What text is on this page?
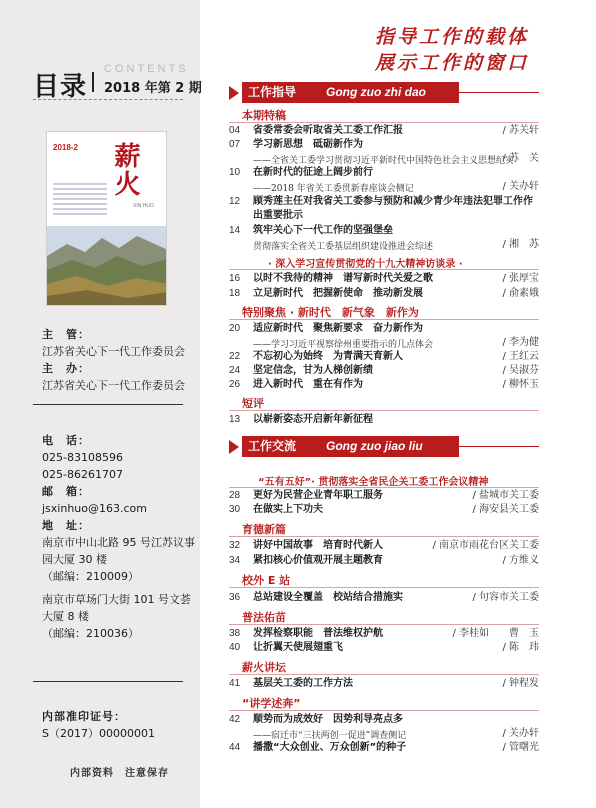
目录
CONTENTS
2018 年第 2 期
2018-2 薪火
XIN HUO
主　管：
江苏省关心下一代工作委员会
主　办：
江苏省关心下一代工作委员会
电　话：
025-83108596
025-86261707
邮　箱：
jsxinhuo@163.com
地　址：
南京市中山北路 95 号江苏议事
园大厦 30 楼
（邮编：210009）
南京市草场门大街 101 号文荟
大厦 8 楼
（邮编：210036）
内部准印证号：
S（2017）00000001
内部资料　注意保存
指导工作的载体
展示工作的窗口
工作指导	Gong zuo zhi dao
本期特稿
04	省委常委会听取省关工委工作汇报	/ 苏关轩
07	学习新思想　砥砺新作为
——全省关工委学习贯彻习近平新时代中国特色社会主义思想纪实
/ 苏　关
10	在新时代的征途上阔步前行
——2018 年省关工委贯新春座谈会侧记	/ 关办轩
12	顾秀莲主任对我省关工委参与预防和减少青少年违法犯罪工作作
出重要批示
14	筑牢关心下一代工作的坚强堡垒
贯彻落实全省关工委基层组织建设推进会综述	/ 湘　苏
· 深入学习宣传贯彻党的十九大精神访谈录 ·
16	以时不我待的精神　谱写新时代关爱之歌	/ 张厚宝
18	立足新时代　把握新使命　推动新发展	/ 俞素娥
特别聚焦 · 新时代　新气象　新作为
20	适应新时代　聚焦新要求　奋力新作为
——学习习近平视察徐州重要指示的几点体会	/ 李为健
22	不忘初心为始终　为青满天育新人	/ 王红云
24	坚定信念，甘为人梯创新绩	/ 吴淑芬
26	进入新时代　重在有作为	/ 柳怀玉
短评
13	以崭新姿态开启新年新征程
工作交流	Gong zuo jiao liu
“五有五好”· 贯彻落实全省民企关工委工作会议精神
28	更好为民营企业青年职工服务	/ 盐城市关工委
30	在做实上下功夫	/ 海安县关工委
育德新篇
32	讲好中国故事　培育时代新人	/ 南京市雨花台区关工委
34	紧扣核心价值观开展主题教育	/ 方维义
校外 E 站
36	总站建设全覆盖　校站结合措施实	/ 句容市关工委
普法佑苗
38	发挥检察职能　普法维权护航	/ 李桂如　　曹　玉
40	让折翼天使展翅重飞	/ 陈　玮
薪火讲坛
41	基层关工委的工作方法	/ 钟程发
“讲学述奔”
42	顺势而为成效好　因势利导亮点多
——宿迁市“三扶两创一促进”调查侧记	/ 关办轩
44	播撒“大众创业、万众创新”的种子	/ 管曙光
